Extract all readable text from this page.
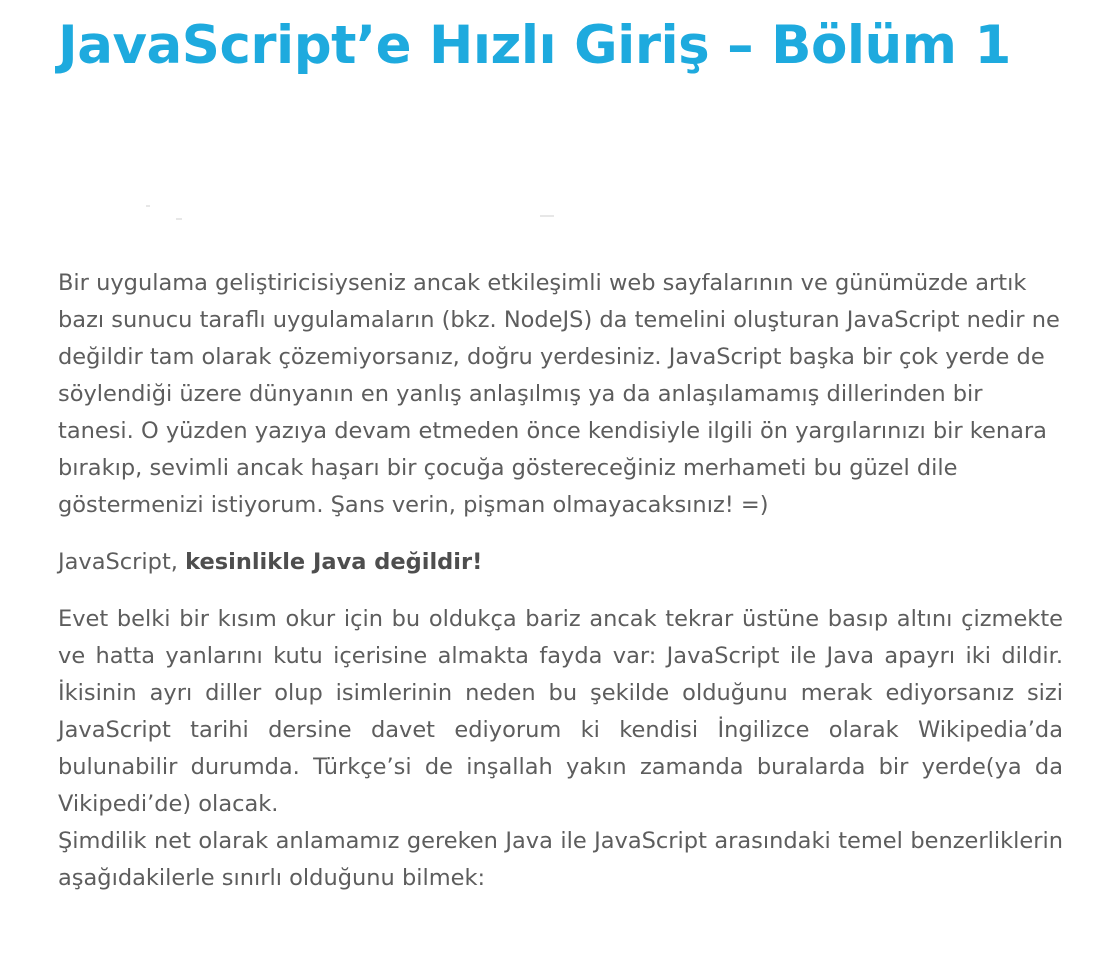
JavaScript’e Hızlı Giriş – Bölüm 1

Bir uygulama geliştiricisiyseniz ancak etkileşimli web sayfalarının ve günümüzde artık bazı sunucu taraflı uygulamaların (bkz. NodeJS) da temelini oluşturan JavaScript nedir ne değildir tam olarak çözemiyorsanız, doğru yerdesiniz. JavaScript başka bir çok yerde de söylendiği üzere dünyanın en yanlış anlaşılmış ya da anlaşılamamış dillerinden bir tanesi. O yüzden yazıya devam etmeden önce kendisiyle ilgili ön yargılarınızı bir kenara bırakıp, sevimli ancak haşarı bir çocuğa göstereceğiniz merhameti bu güzel dile göstermenizi istiyorum. Şans verin, pişman olmayacaksınız! =)

JavaScript, kesinlikle Java değildir!

Evet belki bir kısım okur için bu oldukça bariz ancak tekrar üstüne basıp altını çizmekte ve hatta yanlarını kutu içerisine almakta fayda var: JavaScript ile Java apayrı iki dildir. İkisinin ayrı diller olup isimlerinin neden bu şekilde olduğunu merak ediyorsanız sizi JavaScript tarihi dersine davet ediyorum ki kendisi İngilizce olarak Wikipedia’da bulunabilir durumda. Türkçe’si de inşallah yakın zamanda buralarda bir yerde(ya da Vikipedi’de) olacak.

Şimdilik net olarak anlamamız gereken Java ile JavaScript arasındaki temel benzerliklerin aşağıdakilerle sınırlı olduğunu bilmek:
